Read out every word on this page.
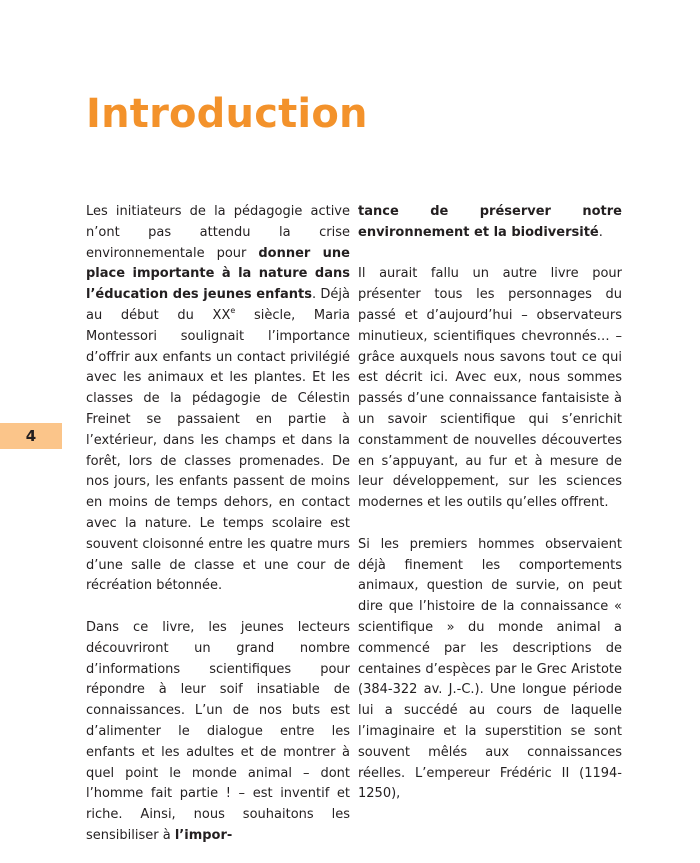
Introduction
4

Les initiateurs de la pédagogie active n’ont pas attendu la crise environnementale pour donner une place importante à la nature dans l’éducation des jeunes enfants. Déjà au début du XXe siècle, Maria Montessori soulignait l’importance d’offrir aux enfants un contact privilégié avec les animaux et les plantes. Et les classes de la pédagogie de Célestin Freinet se passaient en partie à l’extérieur, dans les champs et dans la forêt, lors de classes promenades. De nos jours, les enfants passent de moins en moins de temps dehors, en contact avec la nature. Le temps scolaire est souvent cloisonné entre les quatre murs d’une salle de classe et une cour de récréation bétonnée.

Dans ce livre, les jeunes lecteurs découvriront un grand nombre d’informations scientifiques pour répondre à leur soif insatiable de connaissances. L’un de nos buts est d’alimenter le dialogue entre les enfants et les adultes et de montrer à quel point le monde animal – dont l’homme fait partie ! – est inventif et riche. Ainsi, nous souhaitons les sensibiliser à l’impor-

tance de préserver notre environnement et la biodiversité.

Il aurait fallu un autre livre pour présenter tous les personnages du passé et d’aujourd’hui – observateurs minutieux, scientifiques chevronnés… – grâce auxquels nous savons tout ce qui est décrit ici. Avec eux, nous sommes passés d’une connaissance fantaisiste à un savoir scientifique qui s’enrichit constamment de nouvelles découvertes en s’appuyant, au fur et à mesure de leur développement, sur les sciences modernes et les outils qu’elles offrent.

Si les premiers hommes observaient déjà finement les comportements animaux, question de survie, on peut dire que l’histoire de la connaissance « scientifique » du monde animal a commencé par les descriptions de centaines d’espèces par le Grec Aristote (384-322 av. J.-C.). Une longue période lui a succédé au cours de laquelle l’imaginaire et la superstition se sont souvent mêlés aux connaissances réelles. L’empereur Frédéric II (1194-1250),
